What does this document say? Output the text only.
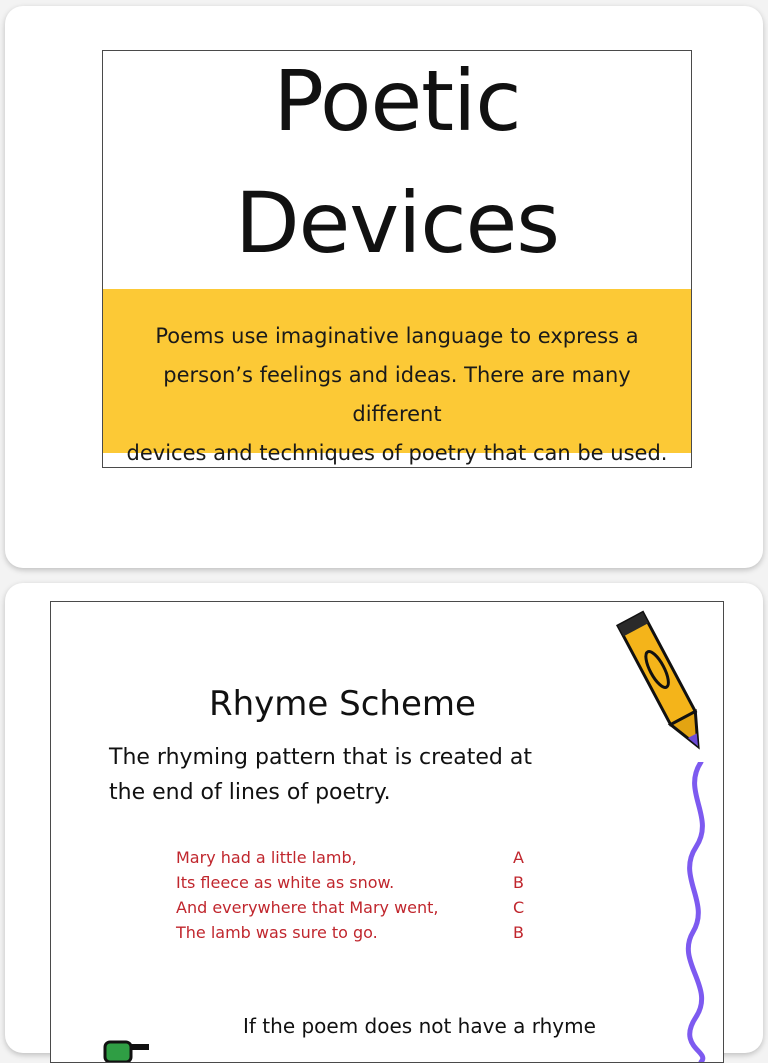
Poetic
Devices
Poems use imaginative language to express a
person’s feelings and ideas. There are many different
devices and techniques of poetry that can be used.
Rhyme Scheme
The rhyming pattern that is created at
the end of lines of poetry.
Mary had a little lamb,	A
Its fleece as white as snow.	B
And everywhere that Mary went,	C
The lamb was sure to go.	B
If the poem does not have a rhyme
